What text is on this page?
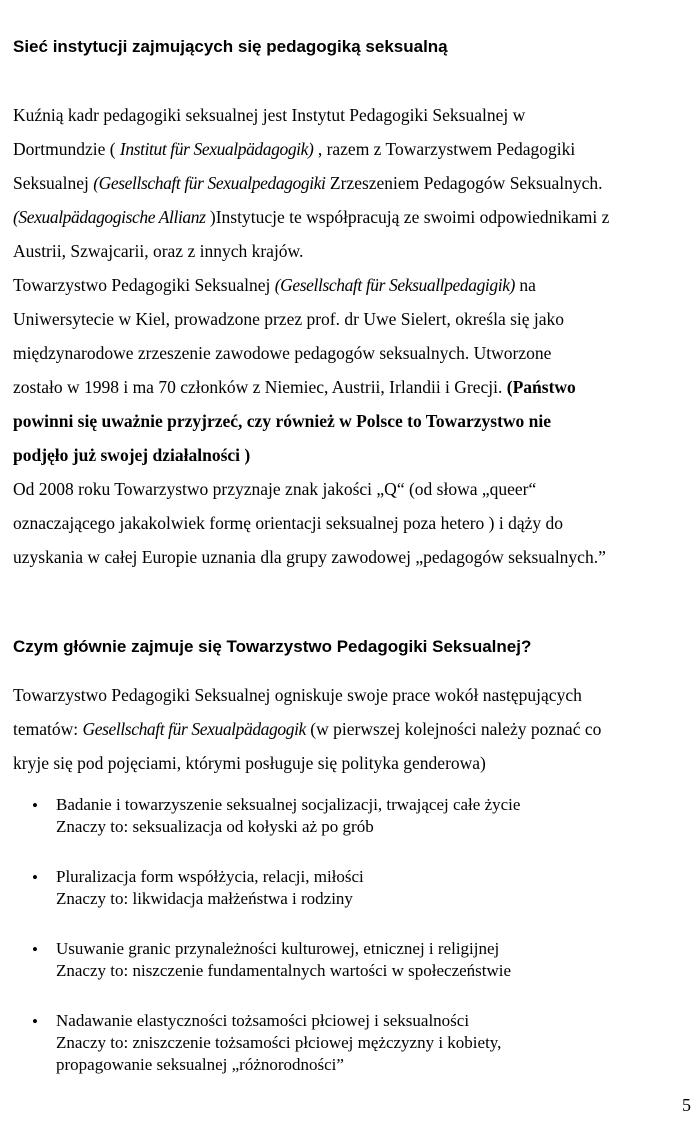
Sieć instytucji zajmujących się pedagogiką seksualną
Kuźnią kadr pedagogiki seksualnej jest Instytut Pedagogiki Seksualnej w
Dortmundzie ( Institut für Sexualpädagogik) , razem z Towarzystwem Pedagogiki
Seksualnej (Gesellschaft für Sexualpedagogiki Zrzeszeniem Pedagogów Seksualnych.
(Sexualpädagogische Allianz )Instytucje te współpracują ze swoimi odpowiednikami z
Austrii, Szwajcarii, oraz z innych krajów.
Towarzystwo Pedagogiki Seksualnej (Gesellschaft für Seksuallpedagigik) na
Uniwersytecie w Kiel, prowadzone przez prof. dr Uwe Sielert, określa się jako
międzynarodowe zrzeszenie zawodowe pedagogów seksualnych. Utworzone
zostało w 1998 i ma 70 członków z Niemiec, Austrii, Irlandii i Grecji. (Państwo
powinni się uważnie przyjrzeć, czy również w Polsce to Towarzystwo nie
podjęło już swojej działalności )
Od 2008 roku Towarzystwo przyznaje znak jakości „Q“ (od słowa „queer“
oznaczającego jakakolwiek formę orientacji seksualnej poza hetero ) i dąży do
uzyskania w całej Europie uznania dla grupy zawodowej „pedagogów seksualnych.”
Czym głównie zajmuje się Towarzystwo Pedagogiki Seksualnej?
Towarzystwo Pedagogiki Seksualnej ogniskuje swoje prace wokół następujących
tematów: Gesellschaft für Sexualpädagogik (w pierwszej kolejności należy poznać co
kryje się pod pojęciami, którymi posługuje się polityka genderowa)
•	Badanie i towarzyszenie seksualnej socjalizacji, trwającej całe życie
Znaczy to: seksualizacja od kołyski aż po grób
•	Pluralizacja form współżycia, relacji, miłości
Znaczy to: likwidacja małżeństwa i rodziny
•	Usuwanie granic przynależności kulturowej, etnicznej i religijnej
Znaczy to: niszczenie fundamentalnych wartości w społeczeństwie
•	Nadawanie elastyczności tożsamości płciowej i seksualności
Znaczy to: zniszczenie tożsamości płciowej mężczyzny i kobiety,
propagowanie seksualnej „różnorodności”
5
